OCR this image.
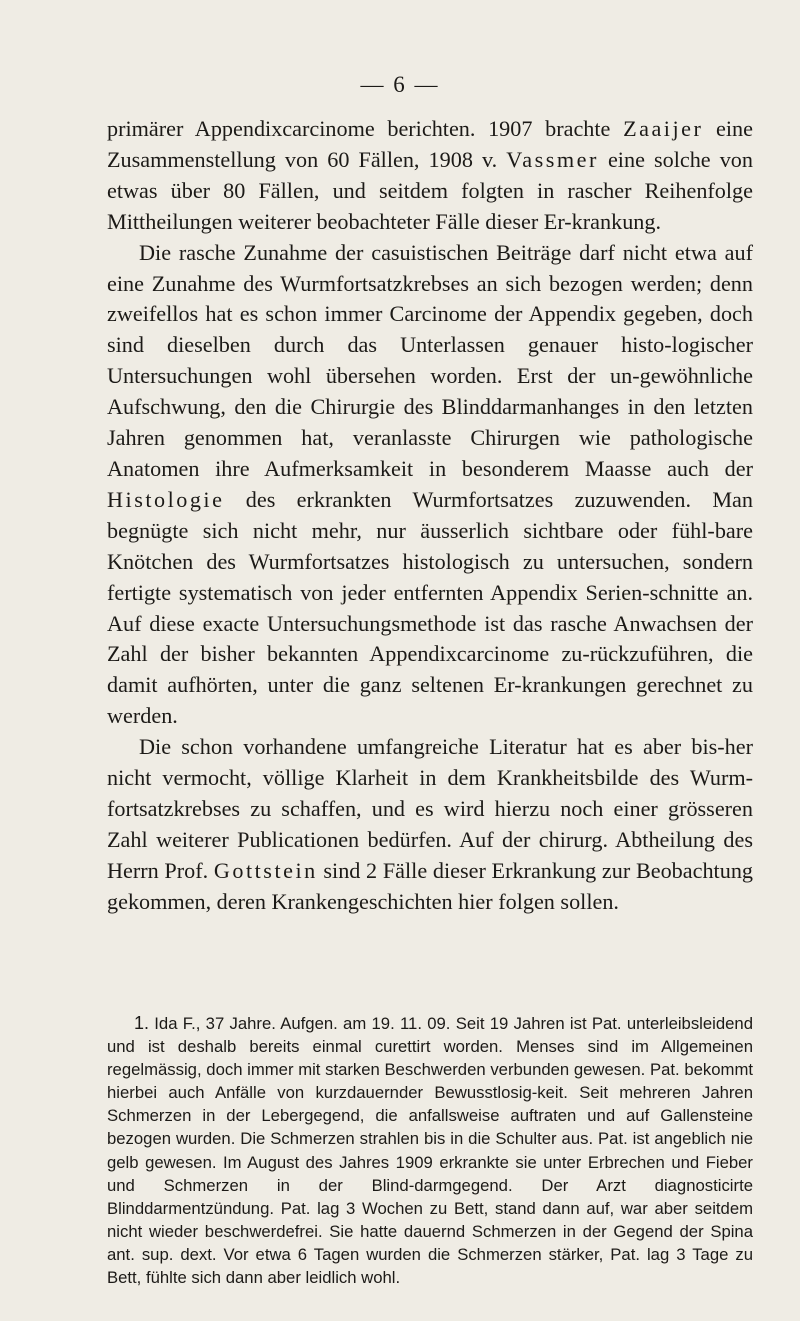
— 6 —

primärer Appendixcarcinome berichten. 1907 brachte Zaaijer eine Zusammenstellung von 60 Fällen, 1908 v. Vassmer eine solche von etwas über 80 Fällen, und seitdem folgten in rascher Reihenfolge Mittheilungen weiterer beobachteter Fälle dieser Er-krankung.

Die rasche Zunahme der casuistischen Beiträge darf nicht etwa auf eine Zunahme des Wurmfortsatzkrebses an sich bezogen werden; denn zweifellos hat es schon immer Carcinome der Appendix gegeben, doch sind dieselben durch das Unterlassen genauer histo-logischer Untersuchungen wohl übersehen worden. Erst der un-gewöhnliche Aufschwung, den die Chirurgie des Blinddarmanhanges in den letzten Jahren genommen hat, veranlasste Chirurgen wie pathologische Anatomen ihre Aufmerksamkeit in besonderem Maasse auch der Histologie des erkrankten Wurmfortsatzes zuzuwenden. Man begnügte sich nicht mehr, nur äusserlich sichtbare oder fühl-bare Knötchen des Wurmfortsatzes histologisch zu untersuchen, sondern fertigte systematisch von jeder entfernten Appendix Serien-schnitte an. Auf diese exacte Untersuchungsmethode ist das rasche Anwachsen der Zahl der bisher bekannten Appendixcarcinome zu-rückzuführen, die damit aufhörten, unter die ganz seltenen Er-krankungen gerechnet zu werden.

Die schon vorhandene umfangreiche Literatur hat es aber bis-her nicht vermocht, völlige Klarheit in dem Krankheitsbilde des Wurm-fortsatzkrebses zu schaffen, und es wird hierzu noch einer grösseren Zahl weiterer Publicationen bedürfen. Auf der chirurg. Abtheilung des Herrn Prof. Gottstein sind 2 Fälle dieser Erkrankung zur Beobachtung gekommen, deren Krankengeschichten hier folgen sollen.

1. Ida F., 37 Jahre. Aufgen. am 19. 11. 09. Seit 19 Jahren ist Pat. unterleibsleidend und ist deshalb bereits einmal curettirt worden. Menses sind im Allgemeinen regelmässig, doch immer mit starken Beschwerden verbunden gewesen. Pat. bekommt hierbei auch Anfälle von kurzdauernder Bewusstlosig-keit. Seit mehreren Jahren Schmerzen in der Lebergegend, die anfallsweise auftraten und auf Gallensteine bezogen wurden. Die Schmerzen strahlen bis in die Schulter aus. Pat. ist angeblich nie gelb gewesen. Im August des Jahres 1909 erkrankte sie unter Erbrechen und Fieber und Schmerzen in der Blind-darmgegend. Der Arzt diagnosticirte Blinddarmentzündung. Pat. lag 3 Wochen zu Bett, stand dann auf, war aber seitdem nicht wieder beschwerdefrei. Sie hatte dauernd Schmerzen in der Gegend der Spina ant. sup. dext. Vor etwa 6 Tagen wurden die Schmerzen stärker, Pat. lag 3 Tage zu Bett, fühlte sich dann aber leidlich wohl.
